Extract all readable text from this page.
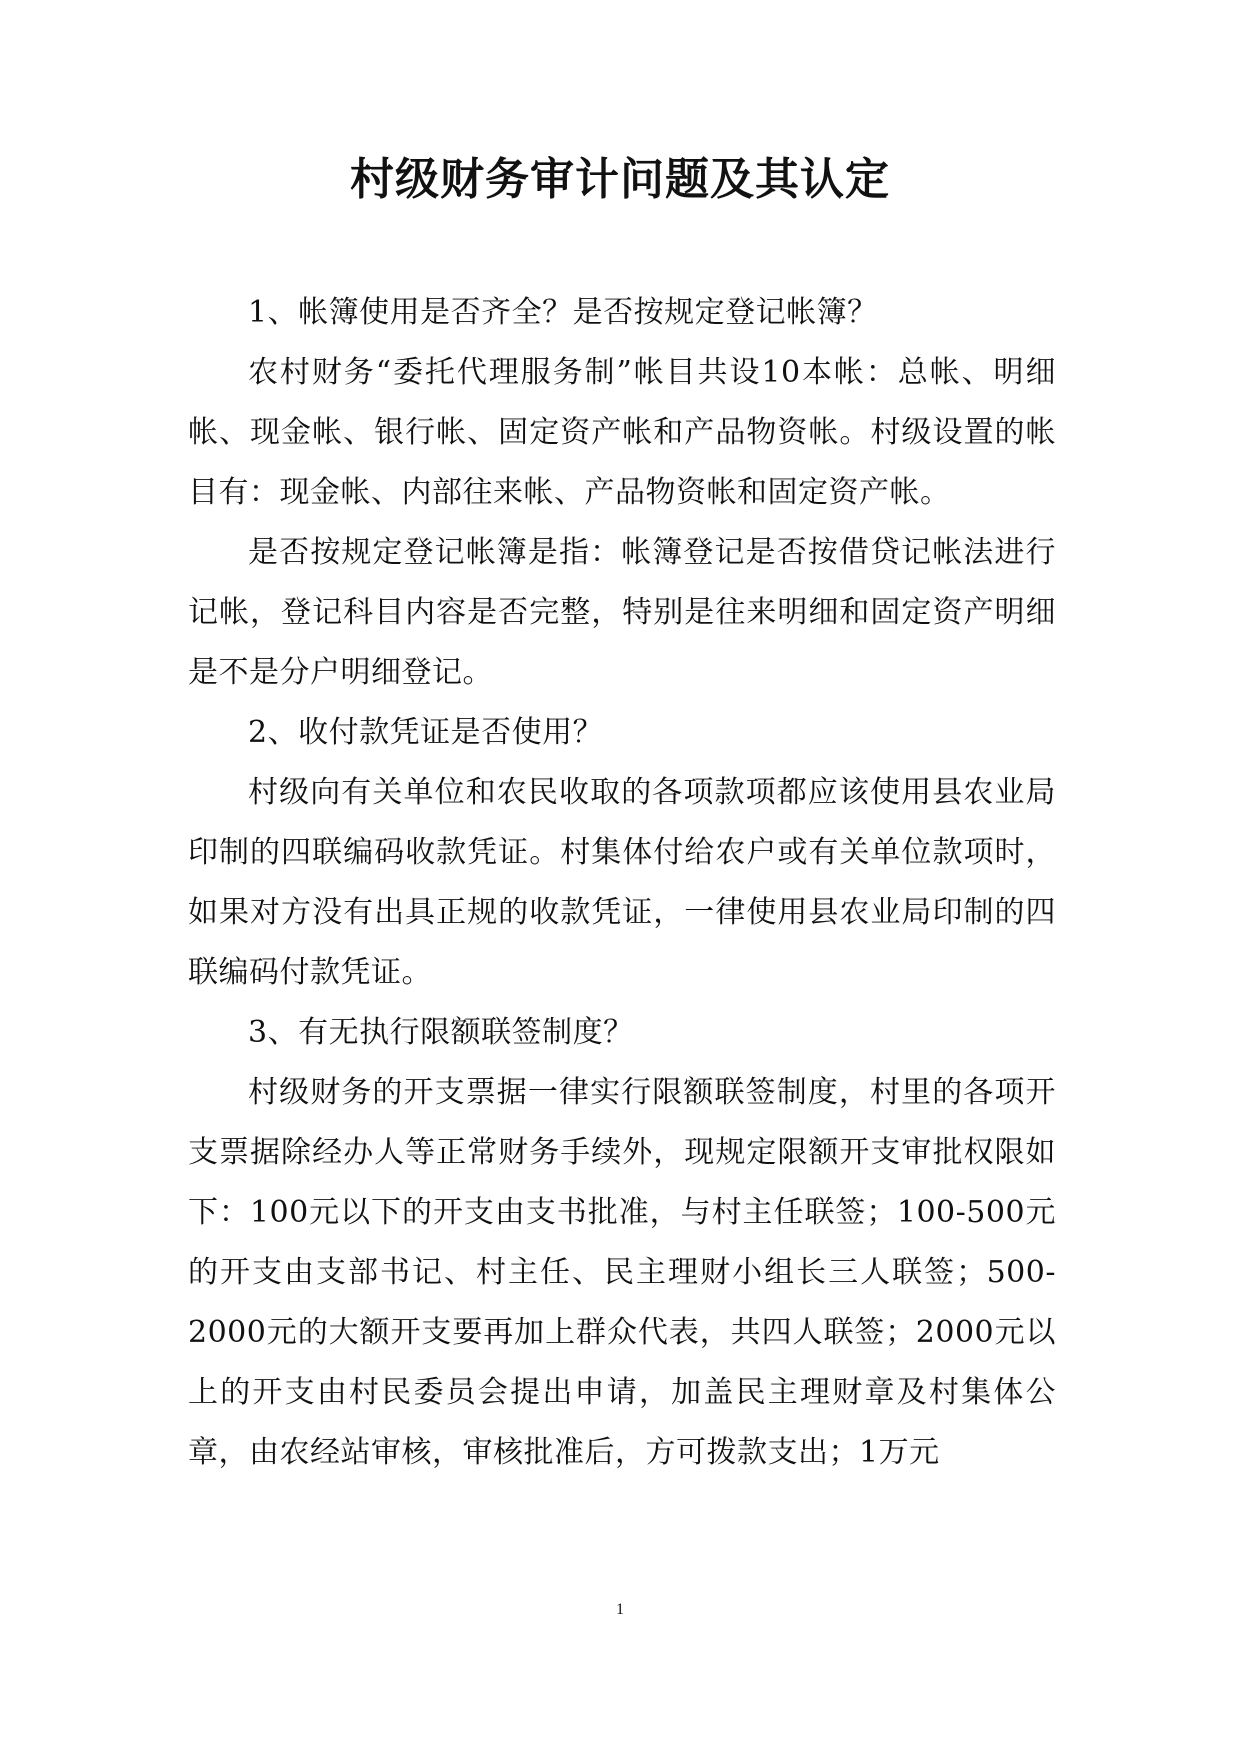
村级财务审计问题及其认定

1、帐簿使用是否齐全？是否按规定登记帐簿？

农村财务“委托代理服务制”帐目共设10本帐：总帐、明细帐、现金帐、银行帐、固定资产帐和产品物资帐。村级设置的帐目有：现金帐、内部往来帐、产品物资帐和固定资产帐。

是否按规定登记帐簿是指：帐簿登记是否按借贷记帐法进行记帐，登记科目内容是否完整，特别是往来明细和固定资产明细是不是分户明细登记。

2、收付款凭证是否使用？

村级向有关单位和农民收取的各项款项都应该使用县农业局印制的四联编码收款凭证。村集体付给农户或有关单位款项时，如果对方没有出具正规的收款凭证，一律使用县农业局印制的四联编码付款凭证。

3、有无执行限额联签制度？

村级财务的开支票据一律实行限额联签制度，村里的各项开支票据除经办人等正常财务手续外，现规定限额开支审批权限如下：100元以下的开支由支书批准，与村主任联签；100-500元的开支由支部书记、村主任、民主理财小组长三人联签；500-2000元的大额开支要再加上群众代表，共四人联签；2000元以上的开支由村民委员会提出申请，加盖民主理财章及村集体公章，由农经站审核，审核批准后，方可拨款支出；1万元

1
